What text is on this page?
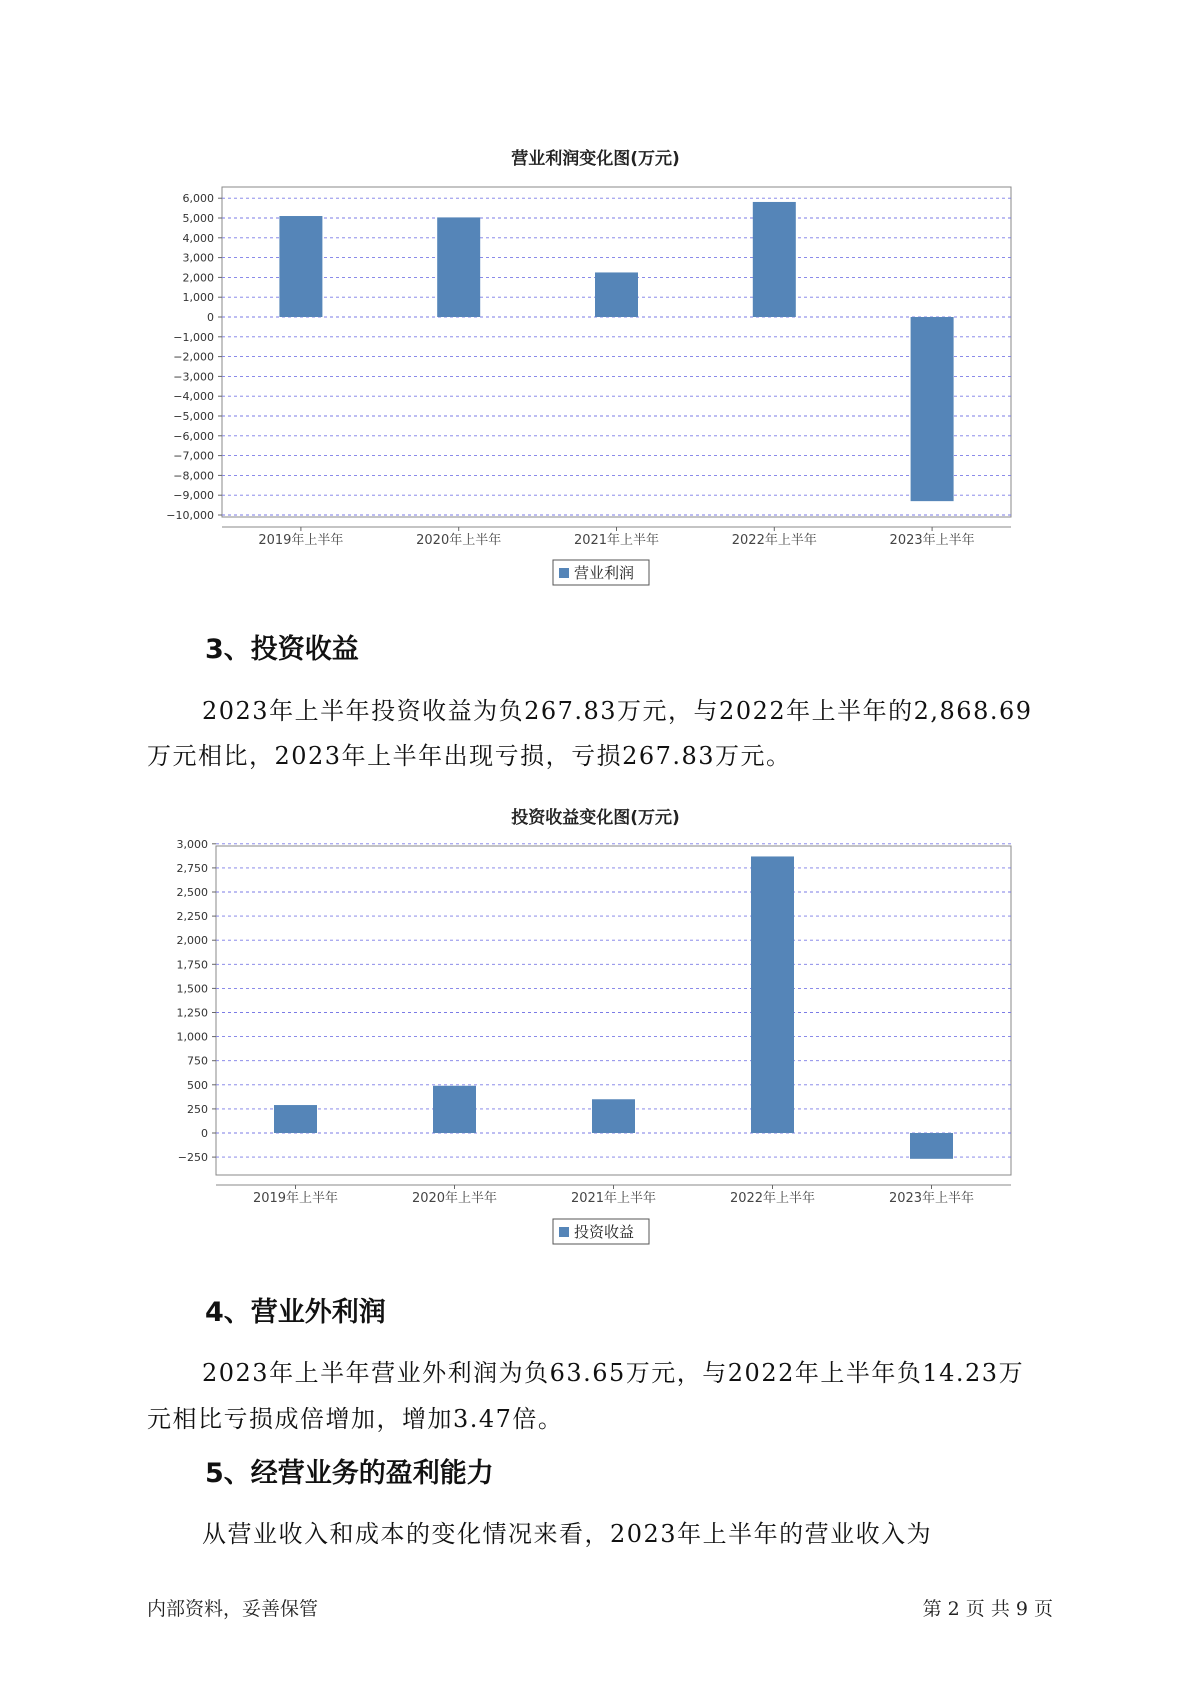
营业利润变化图(万元)
6,000
5,000
4,000
3,000
2,000
1,000
0
−1,000
−2,000
−3,000
−4,000
−5,000
−6,000
−7,000
−8,000
−9,000
−10,000
2019年上半年	2020年上半年	2021年上半年	2022年上半年	2023年上半年
营业利润
3、投资收益
2023年上半年投资收益为负267.83万元，与2022年上半年的2,868.69
万元相比，2023年上半年出现亏损，亏损267.83万元。
投资收益变化图(万元)
3,000
2,750
2,500
2,250
2,000
1,750
1,500
1,250
1,000
750
500
250
0
−250
2019年上半年	2020年上半年	2021年上半年	2022年上半年	2023年上半年
投资收益
4、营业外利润
2023年上半年营业外利润为负63.65万元，与2022年上半年负14.23万
元相比亏损成倍增加，增加3.47倍。
5、经营业务的盈利能力
从营业收入和成本的变化情况来看，2023年上半年的营业收入为
内部资料，妥善保管	第 2 页 共 9 页
